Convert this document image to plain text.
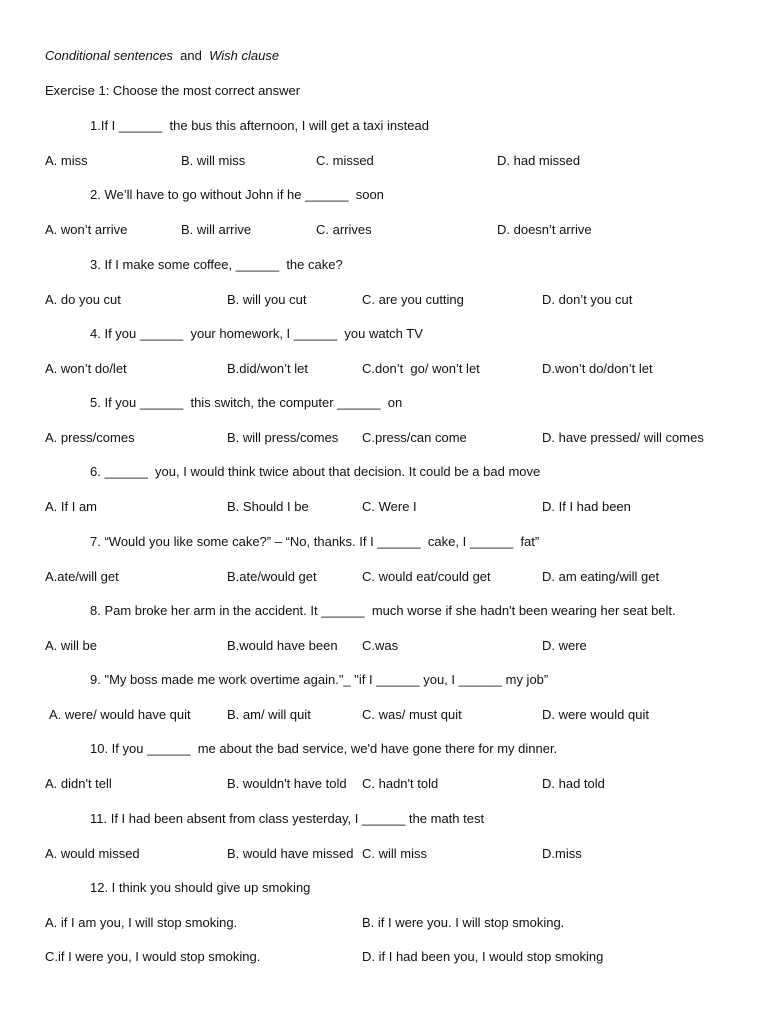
Conditional sentences and Wish clause
Exercise 1: Choose the most correct answer
1.If I ______  the bus this afternoon, I will get a taxi instead
A. miss	B. will miss	C. missed	D. had missed
2. We’ll have to go without John if he ______  soon
A. won’t arrive	B. will arrive	C. arrives	D. doesn’t arrive
3. If I make some coffee, ______  the cake?
A. do you cut	B. will you cut	C. are you cutting	D. don’t you cut
4. If you ______  your homework, I ______  you watch TV
A. won’t do/let	B.did/won’t let	C.don’t  go/ won’t let	D.won’t do/don’t let
5. If you ______  this switch, the computer ______  on
A. press/comes	B. will press/comes C.press/can come	D. have pressed/ will comes
6. ______  you, I would think twice about that decision. It could be a bad move
A. If I am	B. Should I be	C. Were I	D. If I had been
7. “Would you like some cake?” – “No, thanks. If I ______  cake, I ______  fat”
A.ate/will get	B.ate/would get	C. would eat/could get	D. am eating/will get
8. Pam broke her arm in the accident. It ______  much worse if she hadn't been wearing her seat belt.
A. will be	B.would have been C.was	D. were
9. "My boss made me work overtime again."_ "if I ______ you, I ______ my job”
A. were/ would have quit	B. am/ will quit	C. was/ must quit	D. were would quit
10. If you ______  me about the bad service, we'd have gone there for my dinner.
A. didn't tell	B. wouldn't have told C. hadn't told	D. had told
11. If I had been absent from class yesterday, I ______ the math test
A. would missed	B. would have missed C. will miss	D.miss
12. I think you should give up smoking
A. if I am you, I will stop smoking.	B. if I were you. I will stop smoking.
C.if I were you, I would stop smoking.	D. if I had been you, I would stop smoking
